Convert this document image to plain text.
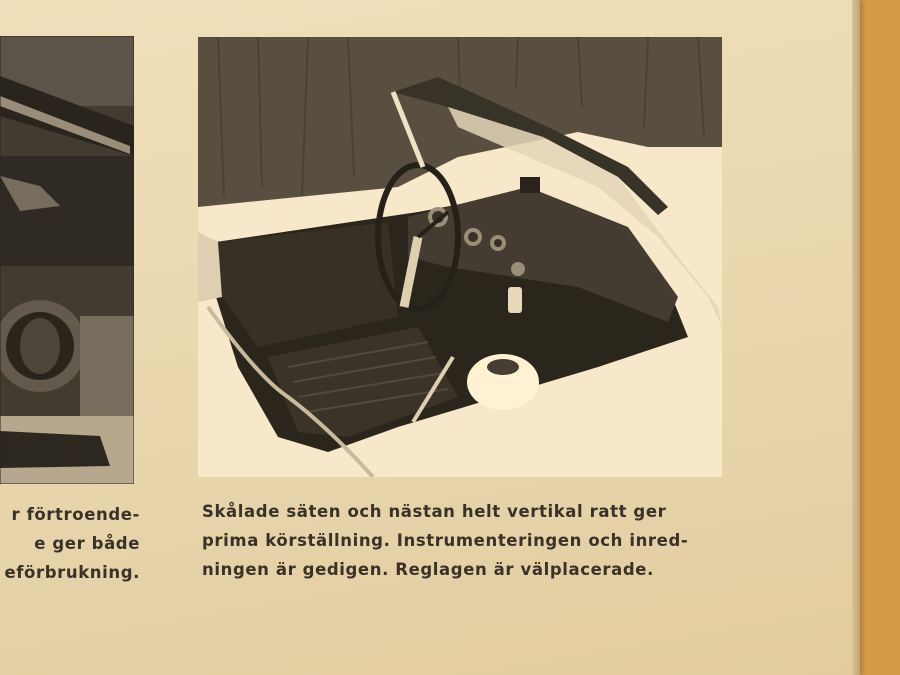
r förtroende-
e ger både
eförbrukning.

Skålade säten och nästan helt vertikal ratt ger
prima körställning. Instrumenteringen och inred-
ningen är gedigen. Reglagen är välplacerade.
